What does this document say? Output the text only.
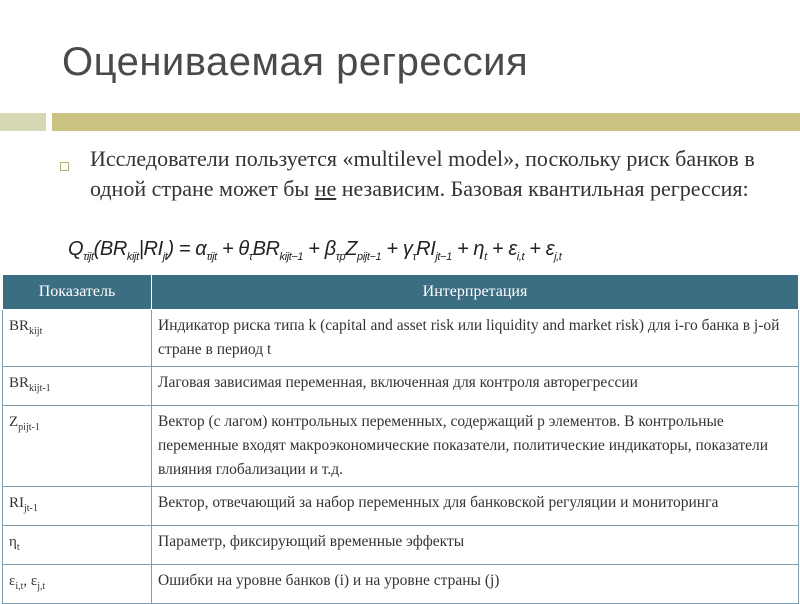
Оцениваемая регрессия
Исследователи пользуется «multilevel model», поскольку риск банков в одной стране может бы не независим. Базовая квантильная регрессия:
$Q_{\tau ijt}(BR_{kijt}|RI_{jt}) = \alpha_{\tau ijt} + \theta_\tau BR_{kijt-1} + \beta_{\tau p}Z_{pijt-1} + \gamma_\tau RI_{jt-1} + \eta_t + \varepsilon_{i,t} + \varepsilon_{j,t}$
Показатель	Интерпретация
$BR_{kijt}$	Индикатор риска типа k (capital and asset risk или liquidity and market risk) для i-го банка в j-ой стране в период t
$BR_{kijt-1}$	Лаговая зависимая переменная, включенная для контроля авторегрессии
$Z_{pijt-1}$	Вектор (с лагом) контрольных переменных, содержащий p элементов. В контрольные переменные входят макроэкономические показатели, политические индикаторы, показатели влияния глобализации и т.д.
$RI_{jt-1}$	Вектор, отвечающий за набор переменных для банковской регуляции и мониторинга
$\eta_t$	Параметр, фиксирующий временные эффекты
$\varepsilon_{i,t}$, $\varepsilon_{j,t}$	Ошибки на уровне банков (i) и на уровне страны (j)
